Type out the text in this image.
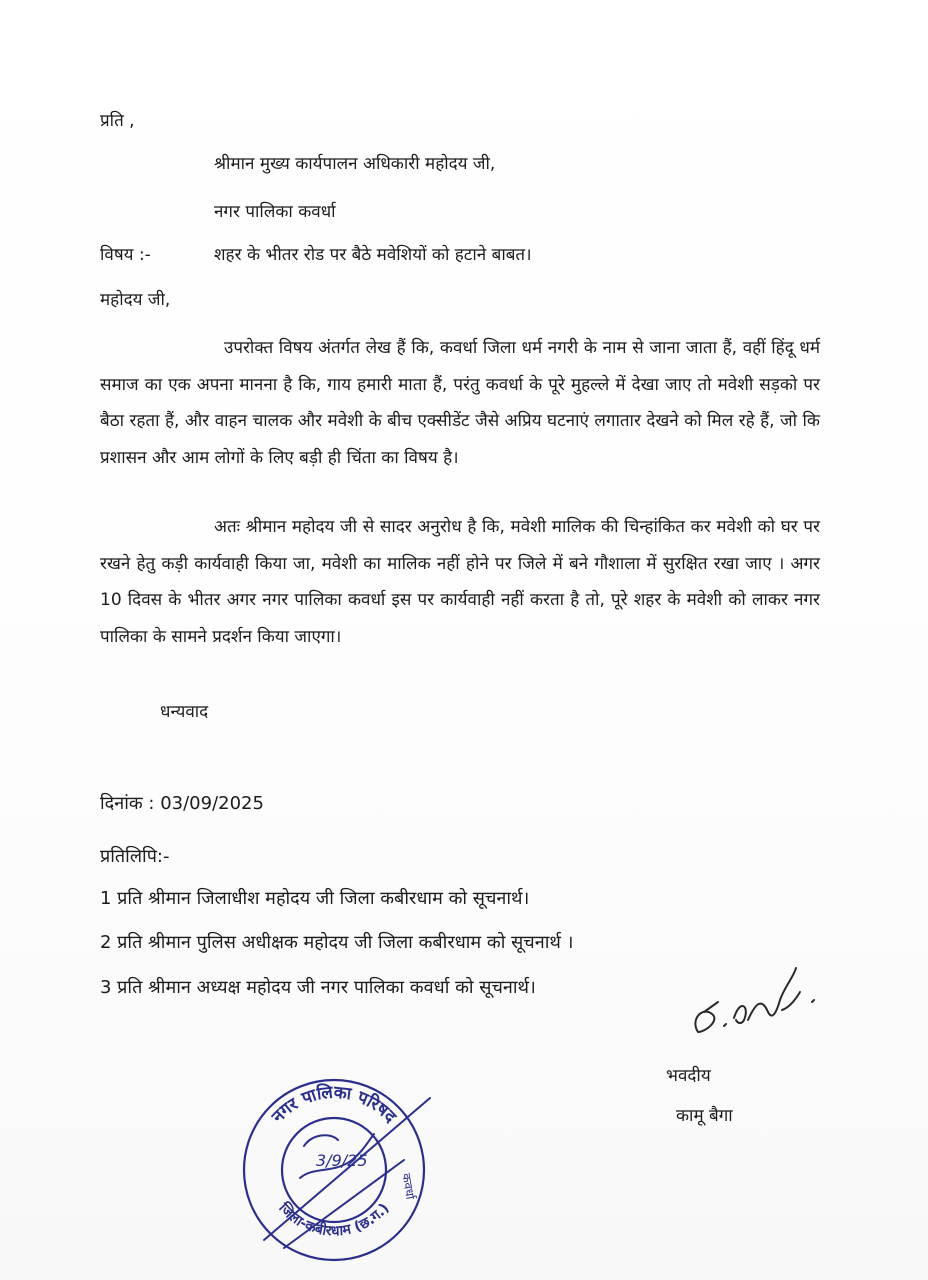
प्रति ,
श्रीमान मुख्य कार्यपालन अधिकारी महोदय जी,
नगर पालिका कवर्धा
विषय :-	शहर के भीतर रोड पर बैठे मवेशियों को हटाने बाबत।
महोदय जी,
उपरोक्त विषय अंतर्गत लेख हैं कि, कवर्धा जिला धर्म नगरी के नाम से जाना जाता हैं, वहीं हिंदू धर्म समाज का एक अपना मानना है कि, गाय हमारी माता हैं, परंतु कवर्धा के पूरे मुहल्ले में देखा जाए तो मवेशी सड़को पर बैठा रहता हैं, और वाहन चालक और मवेशी के बीच एक्सीडेंट जैसे अप्रिय घटनाएं लगातार देखने को मिल रहे हैं, जो कि प्रशासन और आम लोगों के लिए बड़ी ही चिंता का विषय है।
अतः श्रीमान महोदय जी से सादर अनुरोध है कि, मवेशी मालिक की चिन्हांकित कर मवेशी को घर पर रखने हेतु कड़ी कार्यवाही किया जा, मवेशी का मालिक नहीं होने पर जिले में बने गौशाला में सुरक्षित रखा जाए । अगर 10 दिवस के भीतर अगर नगर पालिका कवर्धा इस पर कार्यवाही नहीं करता है तो, पूरे शहर के मवेशी को लाकर नगर पालिका के सामने प्रदर्शन किया जाएगा।
धन्यवाद
दिनांक : 03/09/2025
प्रतिलिपि:-
1 प्रति श्रीमान जिलाधीश महोदय जी जिला कबीरधाम को सूचनार्थ।
2 प्रति श्रीमान पुलिस अधीक्षक महोदय जी जिला कबीरधाम को सूचनार्थ ।
3 प्रति श्रीमान अध्यक्ष महोदय जी नगर पालिका कवर्धा को सूचनार्थ।
भवदीय
कामू बैगा
नगर पालिका परिषद
जिला-कबीरधाम (छ.ग.)
कवर्धा
3/9/25
